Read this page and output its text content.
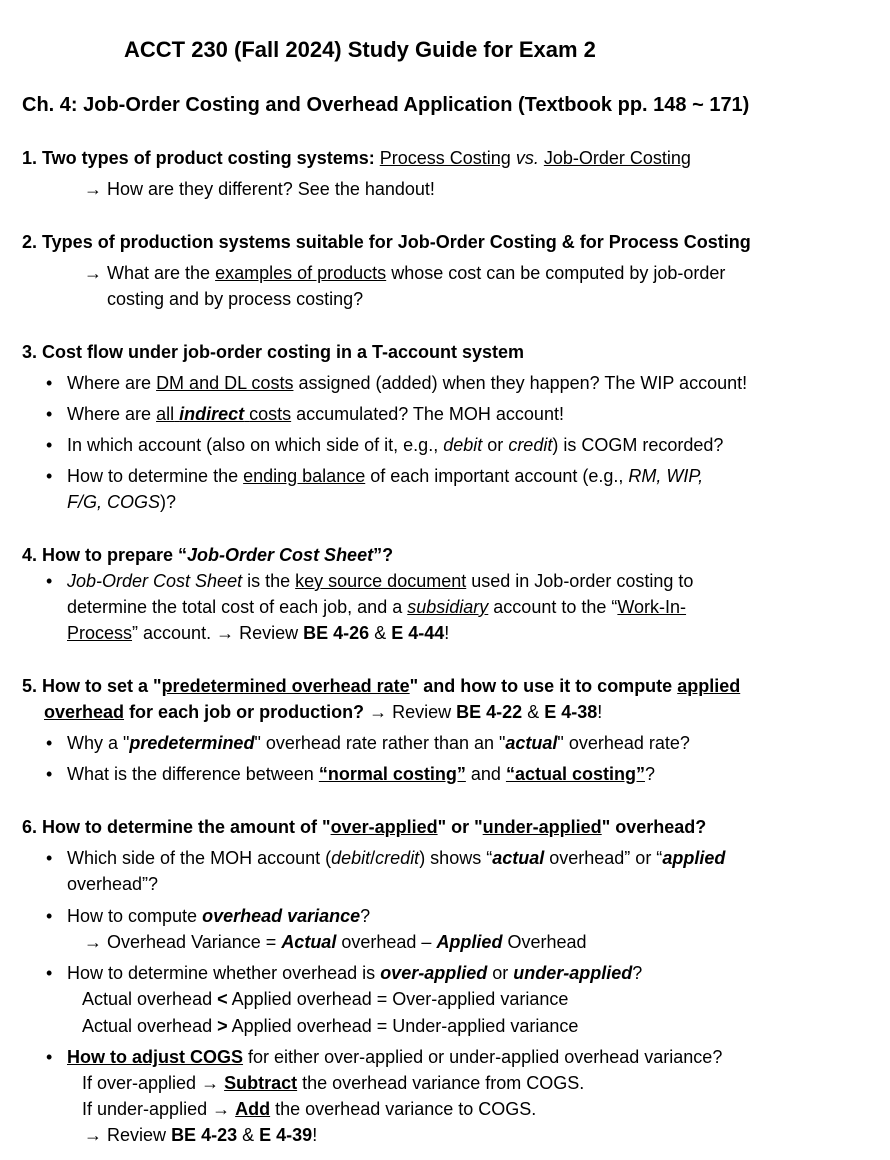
ACCT 230 (Fall 2024) Study Guide for Exam 2
Ch. 4: Job-Order Costing and Overhead Application (Textbook pp. 148 ~ 171)
1. Two types of product costing systems: Process Costing vs. Job-Order Costing
→ How are they different? See the handout!
2. Types of production systems suitable for Job-Order Costing & for Process Costing
→ What are the examples of products whose cost can be computed by job-order
costing and by process costing?
3. Cost flow under job-order costing in a T-account system
• Where are DM and DL costs assigned (added) when they happen? The WIP account!
• Where are all indirect costs accumulated? The MOH account!
• In which account (also on which side of it, e.g., debit or credit) is COGM recorded?
• How to determine the ending balance of each important account (e.g., RM, WIP,
F/G, COGS)?
4. How to prepare “Job-Order Cost Sheet”?
• Job-Order Cost Sheet is the key source document used in Job-order costing to
determine the total cost of each job, and a subsidiary account to the “Work-In-
Process” account. → Review BE 4-26 & E 4-44!
5. How to set a "predetermined overhead rate" and how to use it to compute applied
overhead for each job or production? → Review BE 4-22 & E 4-38!
• Why a "predetermined" overhead rate rather than an "actual" overhead rate?
• What is the difference between “normal costing” and “actual costing”?
6. How to determine the amount of "over-applied" or "under-applied" overhead?
• Which side of the MOH account (debit/credit) shows “actual overhead” or “applied
overhead”?
• How to compute overhead variance?
→ Overhead Variance = Actual overhead – Applied Overhead
• How to determine whether overhead is over-applied or under-applied?
Actual overhead < Applied overhead = Over-applied variance
Actual overhead > Applied overhead = Under-applied variance
• How to adjust COGS for either over-applied or under-applied overhead variance?
If over-applied → Subtract the overhead variance from COGS.
If under-applied → Add the overhead variance to COGS.
→ Review BE 4-23 & E 4-39!
